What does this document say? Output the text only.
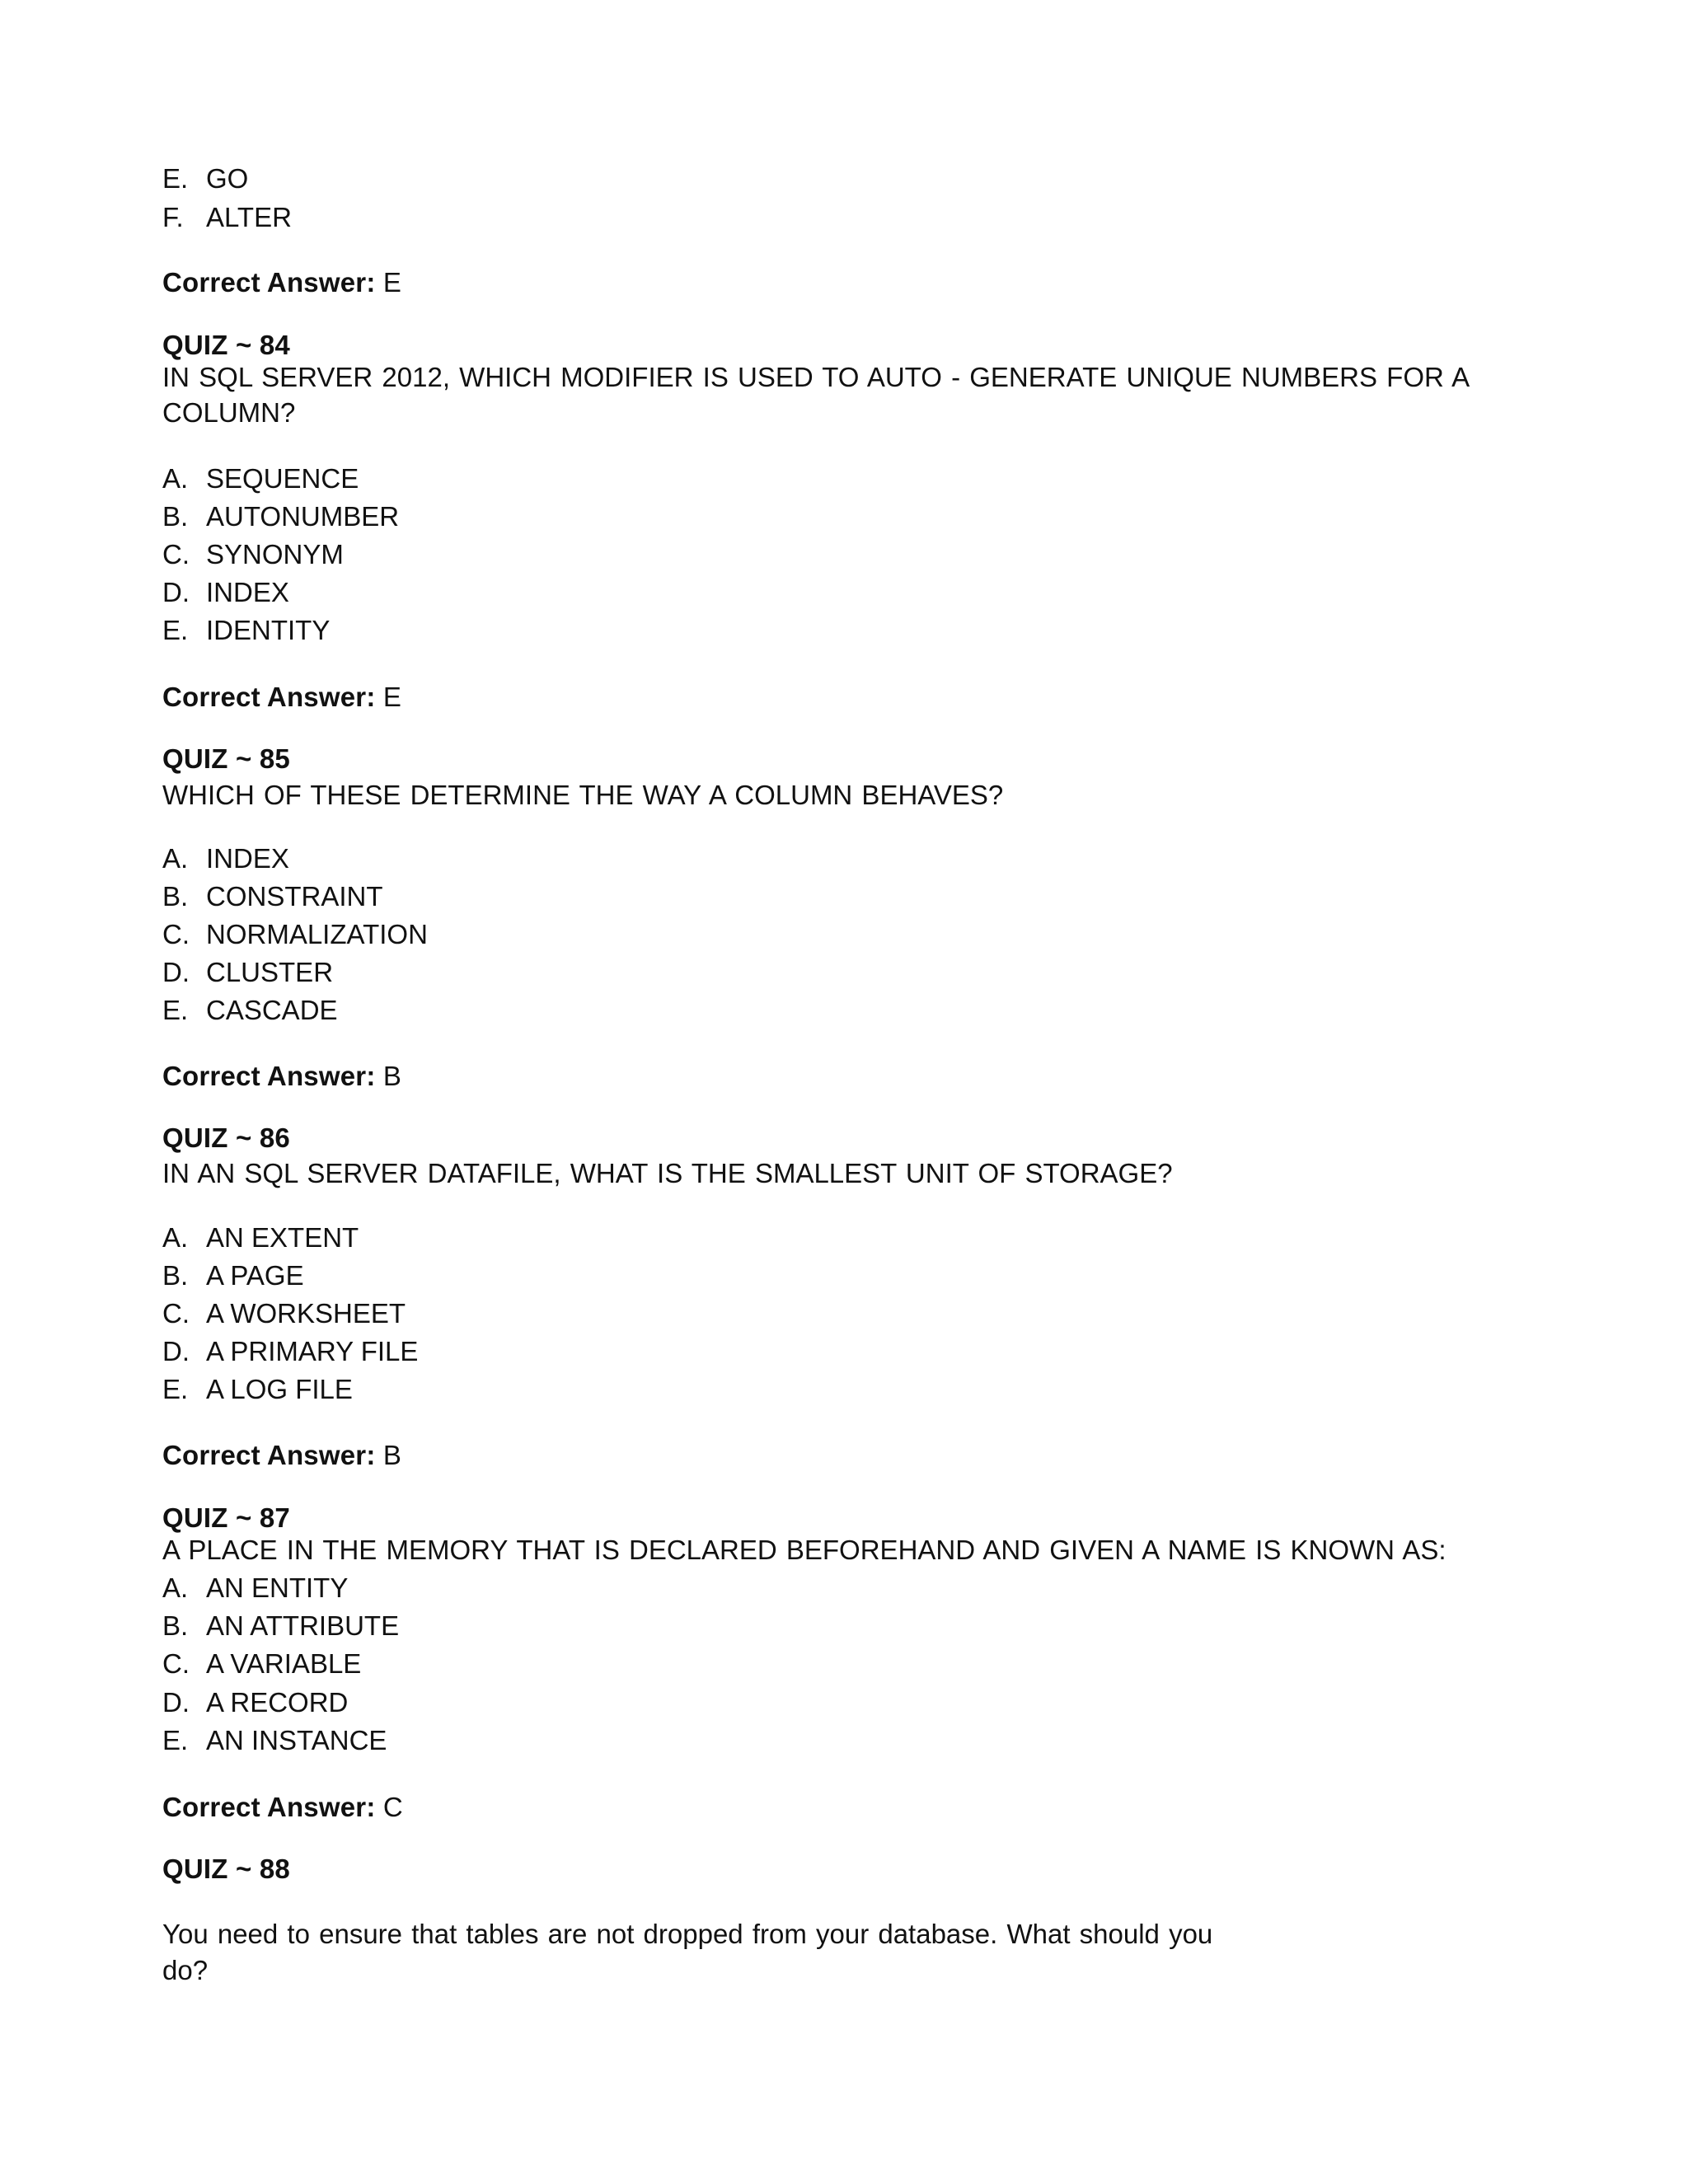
E. GO
F. ALTER
Correct Answer: E
QUIZ ~ 84
IN SQL SERVER 2012, WHICH MODIFIER IS USED TO AUTO - GENERATE UNIQUE NUMBERS FOR A
COLUMN?
A. SEQUENCE
B. AUTONUMBER
C. SYNONYM
D. INDEX
E. IDENTITY
Correct Answer: E
QUIZ ~ 85
WHICH OF THESE DETERMINE THE WAY A COLUMN BEHAVES?
A. INDEX
B. CONSTRAINT
C. NORMALIZATION
D. CLUSTER
E. CASCADE
Correct Answer: B
QUIZ ~ 86
IN AN SQL SERVER DATAFILE, WHAT IS THE SMALLEST UNIT OF STORAGE?
A. AN EXTENT
B. A PAGE
C. A WORKSHEET
D. A PRIMARY FILE
E. A LOG FILE
Correct Answer: B
QUIZ ~ 87
A PLACE IN THE MEMORY THAT IS DECLARED BEFOREHAND AND GIVEN A NAME IS KNOWN AS:
A. AN ENTITY
B. AN ATTRIBUTE
C. A VARIABLE
D. A RECORD
E. AN INSTANCE
Correct Answer: C
QUIZ ~ 88
You need to ensure that tables are not dropped from your database. What should you
do?
